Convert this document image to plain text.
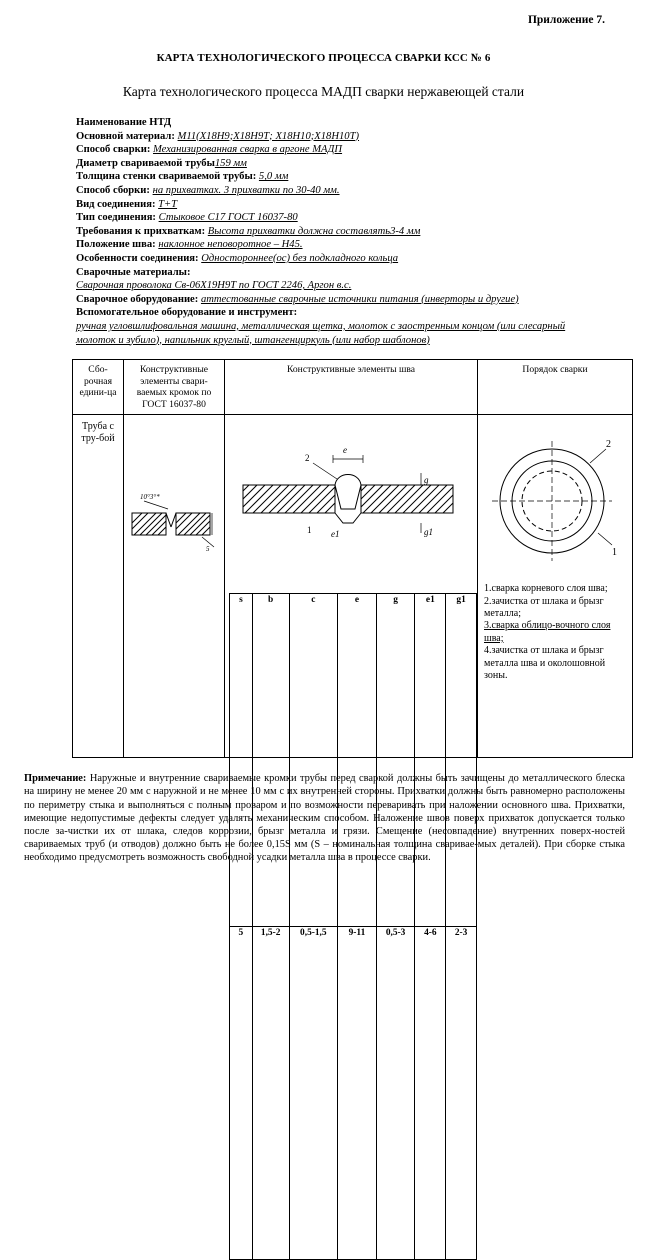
Приложение 7.
КАРТА ТЕХНОЛОГИЧЕСКОГО ПРОЦЕССА СВАРКИ КСС № 6
Карта технологического процесса МАДП сварки нержавеющей стали
Наименование НТД
Основной материал: М11(Х18Н9;Х18Н9Т; Х18Н10;Х18Н10Т)
Способ сварки: Механизированная сварка в аргоне МАДП
Диаметр свариваемой трубы159 мм
Толщина стенки свариваемой трубы: 5,0 мм
Способ сборки: на прихватках. 3 прихватки по 30-40 мм.
Вид соединения: Т+Т
Тип соединения: Стыковое С17 ГОСТ 16037-80
Требования к прихваткам: Высота прихватки должна составлять3-4 мм
Положение шва: наклонное неповоротное – Н45.
Особенности соединения: Одностороннее(ос) без подкладного кольца
Сварочные материалы:
Сварочная проволока Св-06Х19Н9Т по ГОСТ 2246, Аргон в.с.
Сварочное оборудование: аттестованные сварочные источники питания (инверторы и другие)
Вспомогательное оборудование и инструмент:
ручная угловшлифовальная машина, металлическая щетка, молоток с заостренным концом (или слесарный молоток и зубило), напильник круглый, штангенциркуль (или набор шаблонов)
Сбо-рочная едини-ца	Конструктивные элементы свари-ваемых кромок по ГОСТ 16037-80	Конструктивные элементы шва	Порядок сварки
Труба с тру-бой	
10°3°*
5

e
g
e1	g1
2
1
s	b	c	e	g	e1	g1
5	1,5-2	0,5-1,5	9-11	0,5-3	4-6	2-3

2
1
1.сварка корневого слоя шва;
2.зачистка от шлака и брызг металла;
3.сварка облицо-вочного слоя шва;
4.зачистка от шлака и брызг металла шва и околошовной зоны.
Примечание: Наружные и внутренние свариваемые кромки трубы перед сваркой должны быть зачищены до металлического блеска на ширину не менее 20 мм с наружной и не менее 10 мм с их внутренней стороны. Прихватки должны быть равномерно расположены по периметру стыка и выполняться с полным проваром и по возможности переваривать при наложении основного шва. Прихватки, имеющие недопустимые дефекты следует удалять механическим способом. Наложение швов поверх прихваток допускается только после за-чистки их от шлака, следов коррозии, брызг металла и грязи. Смещение (несовпадение) внутренних поверх-ностей свариваемых труб (и отводов) должно быть не более 0,15S мм (S – номинальная толщина сваривае-мых деталей). При сборке стыка необходимо предусмотреть возможность свободной усадки металла шва в процессе сварки.
